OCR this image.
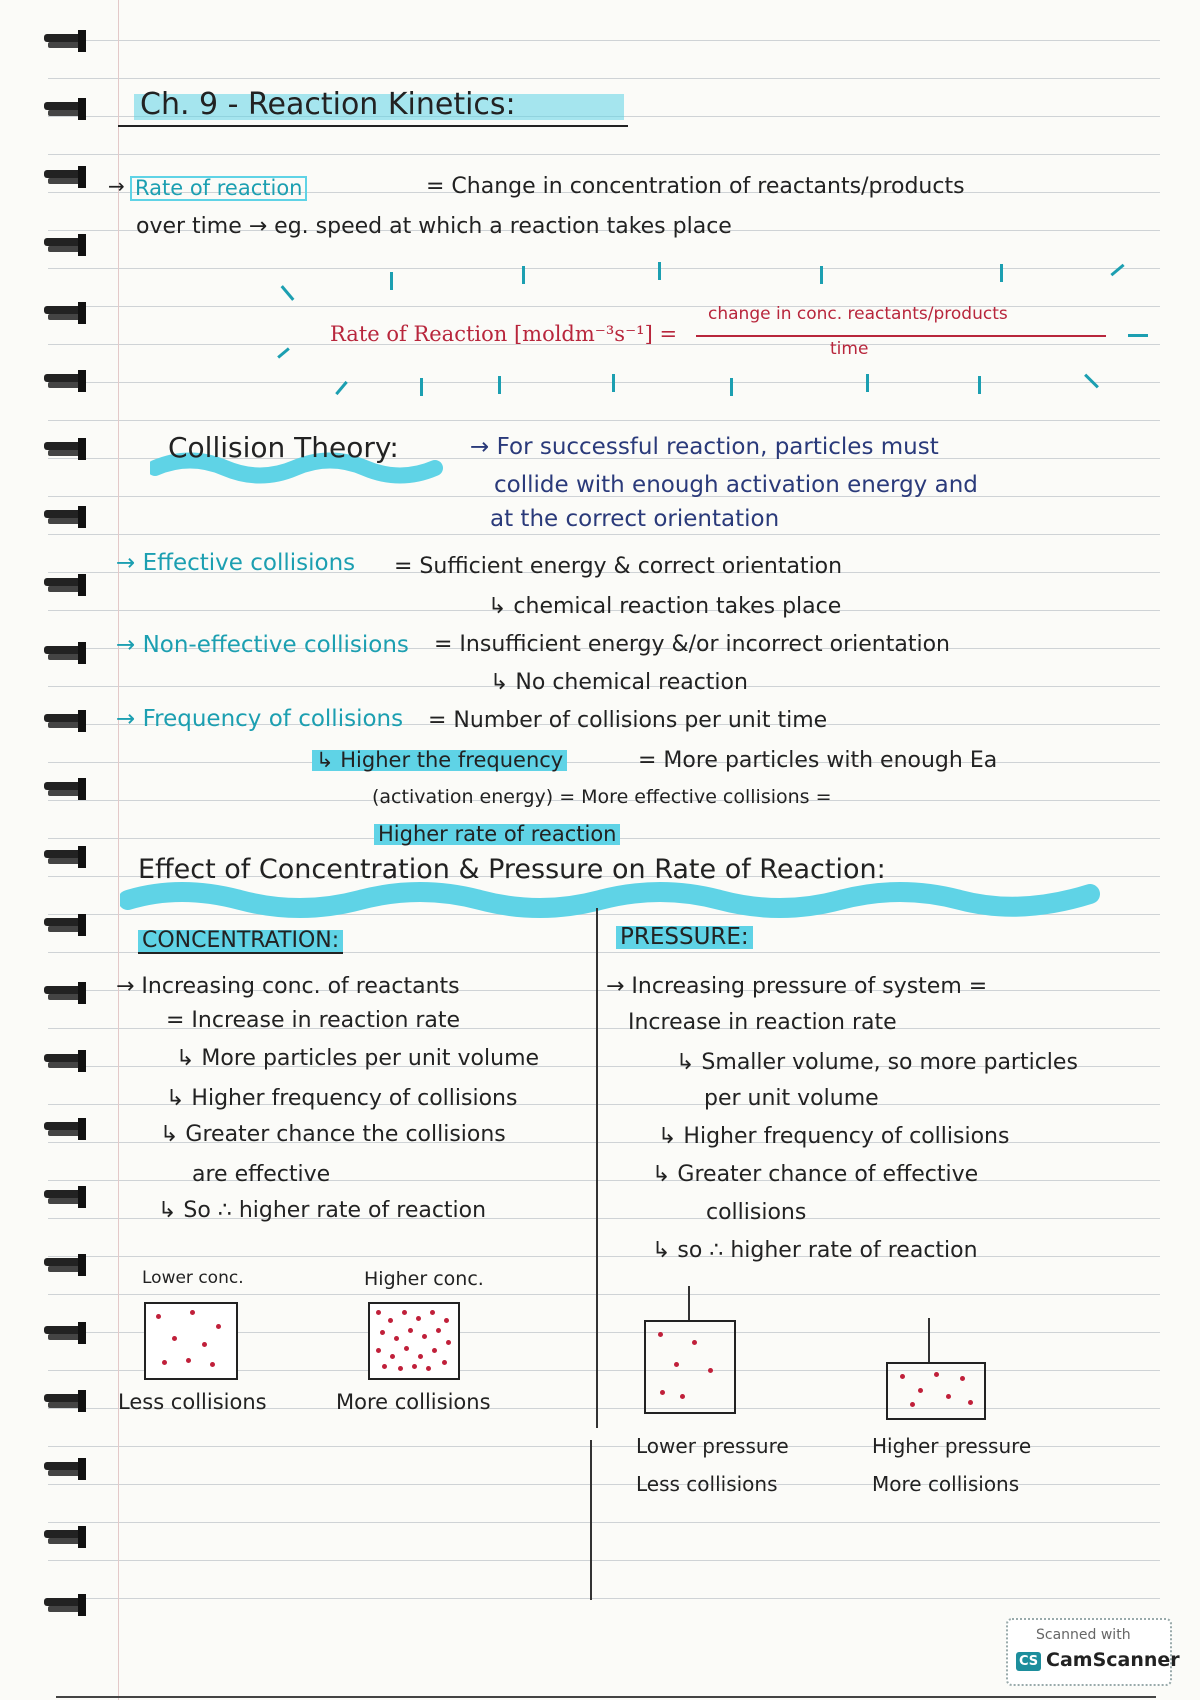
Ch. 9 - Reaction Kinetics:
→ Rate of reaction	= Change in concentration of reactants/products
over time → eg. speed at which a reaction takes place
Rate of Reaction [moldm⁻³s⁻¹] =
change in conc. reactants/products
time
Collision Theory:	→ For successful reaction, particles must
collide with enough activation energy and
at the correct orientation
→ Effective collisions = Sufficient energy & correct orientation
↳ chemical reaction takes place
→ Non-effective collisions = Insufficient energy &/or incorrect orientation
↳ No chemical reaction
→ Frequency of collisions = Number of collisions per unit time
↳ Higher the frequency	= More particles with enough Ea
(activation energy) = More effective collisions =
Higher rate of reaction
Effect of Concentration & Pressure on Rate of Reaction:
CONCENTRATION:
→ Increasing conc. of reactants
= Increase in reaction rate
↳ More particles per unit volume
↳ Higher frequency of collisions
↳ Greater chance the collisions
are effective
↳ So ∴ higher rate of reaction
Lower conc.	Higher conc.
Less collisions	More collisions
PRESSURE:
→ Increasing pressure of system =
Increase in reaction rate
↳ Smaller volume, so more particles
per unit volume
↳ Higher frequency of collisions
↳ Greater chance of effective
collisions
↳ so ∴ higher rate of reaction
Lower pressure
Less collisions
Higher pressure
More collisions
Scanned with
CS CamScanner
